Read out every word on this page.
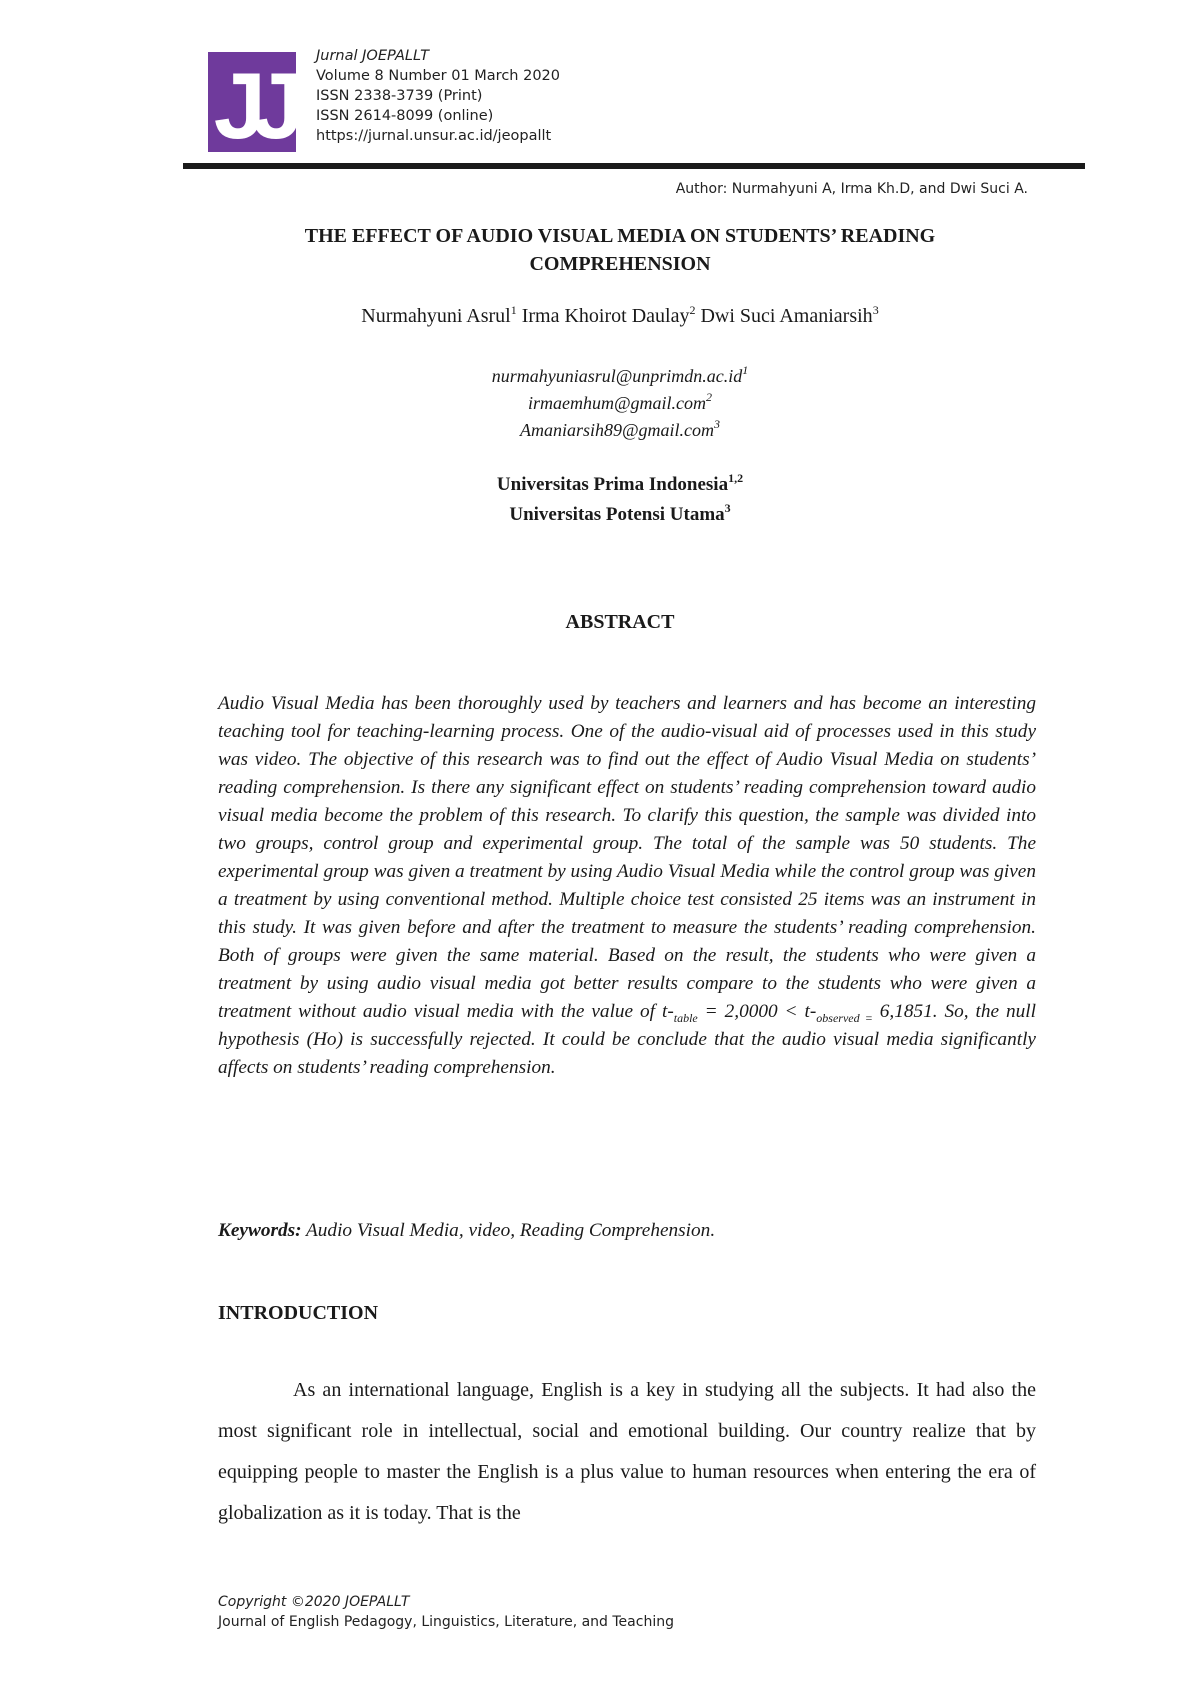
JJ	Jurnal JOEPALLT
Volume 8 Number 01 March 2020
ISSN 2338-3739 (Print)
ISSN 2614-8099 (online)
https://jurnal.unsur.ac.id/jeopallt
Author: Nurmahyuni A, Irma Kh.D, and Dwi Suci A.
THE EFFECT OF AUDIO VISUAL MEDIA ON STUDENTS’ READING
COMPREHENSION
Nurmahyuni Asrul$^1$ Irma Khoirot Daulay$^2$ Dwi Suci Amaniarsih$^3$
$nurmahyuniasrul@unprimdn.ac.id^1$
irmaemhum@gmail.com$^2$
Amaniarsih89@gmail.com$^3$
Universitas Prima Indonesia$^{1,2}$
Universitas Potensi Utama$^3$
ABSTRACT

Audio Visual Media has been thoroughly used by teachers and learners and has become an interesting teaching tool for teaching-learning process. One of the audio-visual aid of processes used in this study was video. The objective of this research was to find out the effect of Audio Visual Media on students’ reading comprehension. Is there any significant effect on students’ reading comprehension toward audio visual media become the problem of this research. To clarify this question, the sample was divided into two groups, control group and experimental group. The total of the sample was 50 students. The experimental group was given a treatment by using Audio Visual Media while the control group was given a treatment by using conventional method. Multiple choice test consisted 25 items was an instrument in this study. It was given before and after the treatment to measure the students’ reading comprehension. Both of groups were given the same material. Based on the result, the students who were given a treatment by using audio visual media got better results compare to the students who were given a treatment without audio visual media with the value of $t-_{table} = 2,0000 < t-_{observed =}$ 6,1851. So, the null hypothesis (Ho) is successfully rejected. It could be conclude that the audio visual media significantly affects on students’ reading comprehension.

Keywords: Audio Visual Media, video, Reading Comprehension.

INTRODUCTION

As an international language, English is a key in studying all the subjects. It had also the most significant role in intellectual, social and emotional building. Our country realize that by equipping people to master the English is a plus value to human resources when entering the era of globalization as it is today. That is the

Copyright ©2020 JOEPALLT
Journal of English Pedagogy, Linguistics, Literature, and Teaching
